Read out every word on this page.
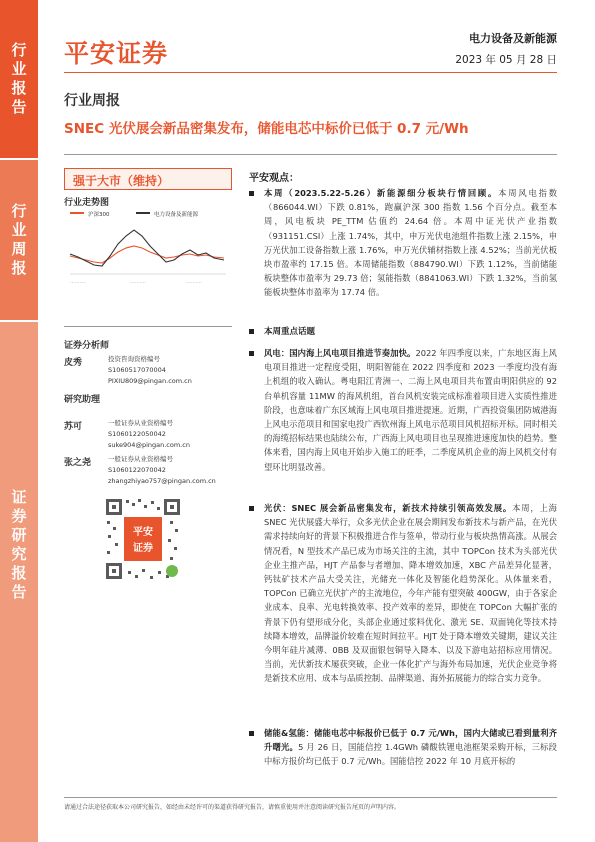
行
业
报
告
行
业
周
报
证
券
研
究
报
告
平安证券
电力设备及新能源
2023 年 05 月 28 日
行业周报
SNEC 光伏展会新品密集发布，储能电芯中标价已低于 0.7 元/Wh
强于大市（维持）
行业走势图
沪深300	电力设备及新能源
··········	··········	··········
证券分析师
皮秀	投资咨询资格编号
S1060517070004
PIXIU809@pingan.com.cn
研究助理
苏可	一般证券从业资格编号
S1060122050042
suke904@pingan.com.cn
张之尧	一般证券从业资格编号
S1060122070042
zhangzhiyao757@pingan.com.cn
平安
证券
平安观点：
本周（2023.5.22-5.26）新能源细分板块行情回顾。本周风电指数（866044.WI）下跌 0.81%，跑赢沪深 300 指数 1.56 个百分点。截至本周，风电板块 PE_TTM 估值约 24.64 倍。本周中证光伏产业指数（931151.CSI）上涨 1.74%，其中，申万光伏电池组件指数上涨 2.15%，申万光伏加工设备指数上涨 1.76%，申万光伏辅材指数上涨 4.52%；当前光伏板块市盈率约 17.15 倍。本周储能指数（884790.WI）下跌 1.12%，当前储能板块整体市盈率为 29.73 倍；氢能指数（8841063.WI）下跌 1.32%，当前氢能板块整体市盈率为 17.74 倍。
本周重点话题
风电：国内海上风电项目推进节奏加快。2022 年四季度以来，广东地区海上风电项目推进一定程度受阻，明阳智能在 2022 四季度和 2023 一季度均没有海上机组的收入确认。粤电阳江青洲一、二海上风电项目共布置由明阳供应的 92 台单机容量 11MW 的海风机组，首台风机安装完成标准着项目进入实质性推进阶段，也意味着广东区域海上风电项目推进提速。近期，广西投资集团防城港海上风电示范项目和国家电投广西钦州海上风电示范项目风机招标开标。同时相关的海缆招标结果也陆续公布，广西海上风电项目也呈现推进速度加快的趋势。整体来看，国内海上风电开始步入施工的旺季，二季度风机企业的海上风机交付有望环比明显改善。
光伏：SNEC 展会新品密集发布，新技术持续引领高效发展。本周，上海 SNEC 光伏展盛大举行，众多光伏企业在展会期间发布新技术与新产品，在光伏需求持续向好的背景下积极推进合作与签单，带动行业与板块热情高涨。从展会情况看，N 型技术产品已成为市场关注的主流，其中 TOPCon 技术为头部光伏企业主推产品，HJT 产品参与者增加、降本增效加速，XBC 产品差异化显著，钙钛矿技术产品大受关注，光储充一体化及智能化趋势深化。从体量来看，TOPCon 已确立光伏扩产的主流地位，今年产能有望突破 400GW，由于各家企业成本、良率、光电转换效率、投产效率的差异，即使在 TOPCon 大幅扩张的背景下仍有望形成分化，头部企业通过浆料优化、激光 SE、双面钝化等技术持续降本增效，品牌溢价较难在短时间拉平。HJT 处于降本增效关键期，建议关注今明年硅片减薄、0BB 及双面银包铜导入降本、以及下游电站招标应用情况。当前，光伏新技术屡获突破，企业一体化扩产与海外布局加速，光伏企业竞争将是新技术应用、成本与品质控制、品牌渠道、海外拓展能力的综合实力竞争。
储能&氢能：储能电芯中标报价已低于 0.7 元/Wh，国内大储或已看到量利齐升曙光。5 月 26 日，国能信控 1.4GWh 磷酸铁锂电池框架采购开标，三标段中标方报价均已低于 0.7 元/Wh。国能信控 2022 年 10 月底开标的
请通过合法途径获取本公司研究报告，如经由未经许可的渠道获得研究报告，请慎重使用并注意阅读研究报告尾页的声明内容。
